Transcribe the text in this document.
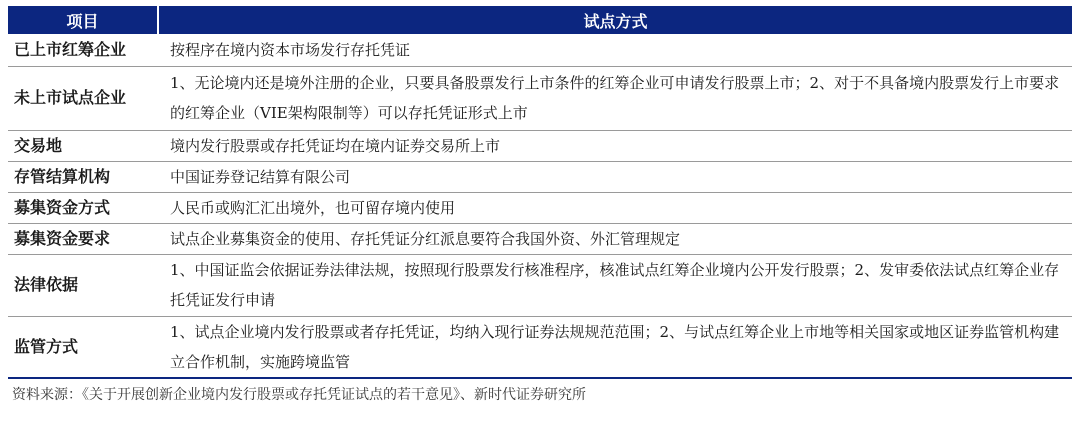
项目	试点方式
已上市红筹企业	按程序在境内资本市场发行存托凭证
未上市试点企业	1、无论境内还是境外注册的企业，只要具备股票发行上市条件的红筹企业可申请发行股票上市；2、对于不具备境内股票发行上市要求的红筹企业（VIE架构限制等）可以存托凭证形式上市
交易地	境内发行股票或存托凭证均在境内证券交易所上市
存管结算机构	中国证券登记结算有限公司
募集资金方式	人民币或购汇汇出境外，也可留存境内使用
募集资金要求	试点企业募集资金的使用、存托凭证分红派息要符合我国外资、外汇管理规定
法律依据	1、中国证监会依据证券法律法规，按照现行股票发行核准程序，核准试点红筹企业境内公开发行股票；2、发审委依法试点红筹企业存托凭证发行申请
监管方式	1、试点企业境内发行股票或者存托凭证，均纳入现行证券法规规范范围；2、与试点红筹企业上市地等相关国家或地区证券监管机构建立合作机制，实施跨境监管
资料来源：《关于开展创新企业境内发行股票或存托凭证试点的若干意见》、新时代证券研究所
